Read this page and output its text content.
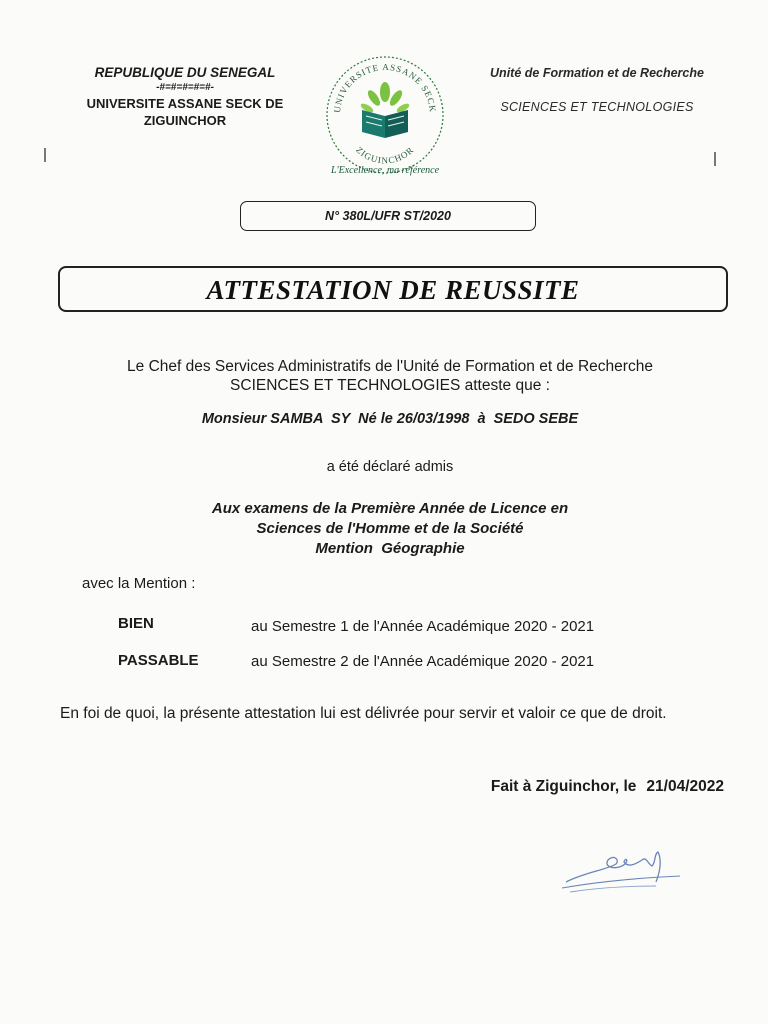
REPUBLIQUE DU SENEGAL
-#=#=#=#=#-
UNIVERSITE ASSANE SECK DE
ZIGUINCHOR
UNIVERSITE ASSANE SECK
ZIGUINCHOR
L'Excellence, ma référence
Unité de Formation et de Recherche
SCIENCES ET TECHNOLOGIES
N° 380L/UFR ST/2020
ATTESTATION DE REUSSITE
Le Chef des Services Administratifs de l'Unité de Formation et de Recherche
SCIENCES ET TECHNOLOGIES atteste que :
Monsieur SAMBA  SY  Né le 26/03/1998  à  SEDO SEBE
a été déclaré admis
Aux examens de la Première Année de Licence en
Sciences de l'Homme et de la Société
Mention  Géographie
avec la Mention :
BIEN	au Semestre 1 de l'Année Académique 2020 - 2021
PASSABLE	au Semestre 2 de l'Année Académique 2020 - 2021
En foi de quoi, la présente attestation lui est délivrée pour servir et valoir ce que de droit.
Fait à Ziguinchor, le 21/04/2022
